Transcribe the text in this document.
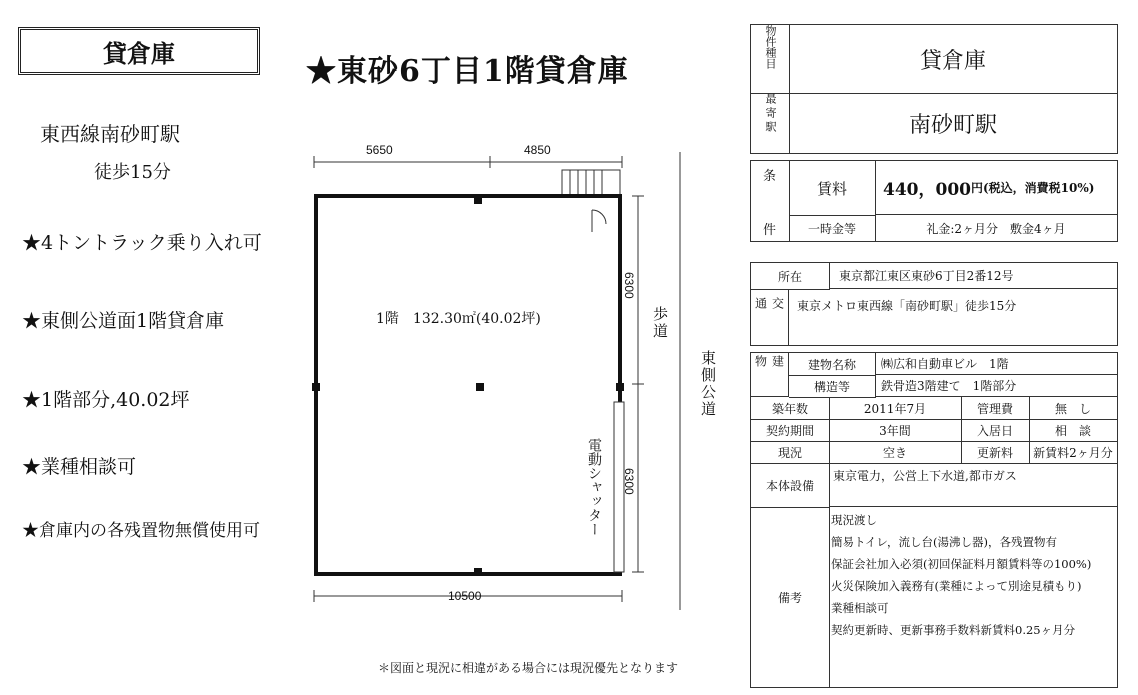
貸倉庫
東西線南砂町駅
徒歩15分
★4トントラック乗り入れ可
★東側公道面1階貸倉庫
★1階部分,40.02坪
★業種相談可
★倉庫内の各残置物無償使用可
★東砂6丁目1階貸倉庫
5650	4850
10500
6300
6300
1階　132.30㎡(40.02坪)
電動シャッター
歩道
東側公道
＊図面と現況に相違がある場合には現況優先となります
物件種目	貸倉庫
最寄駅	南砂町駅
条
件
賃料	440，000 円(税込，消費税10%)
一時金等	礼金:2ヶ月分　敷金4ヶ月
所在	東京都江東区東砂6丁目2番12号
交通	東京メトロ東西線「南砂町駅」徒歩15分
建物	建物名称	㈱広和自動車ビル　1階
構造等	鉄骨造3階建て　1階部分
築年数	2011年7月	管理費	無　し
契約期間	3年間	入居日	相　談
現況	空き	更新料	新賃料2ヶ月分
本体設備
東京電力，公営上下水道,都市ガス
備考
現況渡し
簡易トイレ，流し台(湯沸し器)，各残置物有
保証会社加入必須(初回保証料月額賃料等の100%)
火災保険加入義務有(業種によって別途見積もり)
業種相談可
契約更新時、更新事務手数料新賃料0.25ヶ月分
